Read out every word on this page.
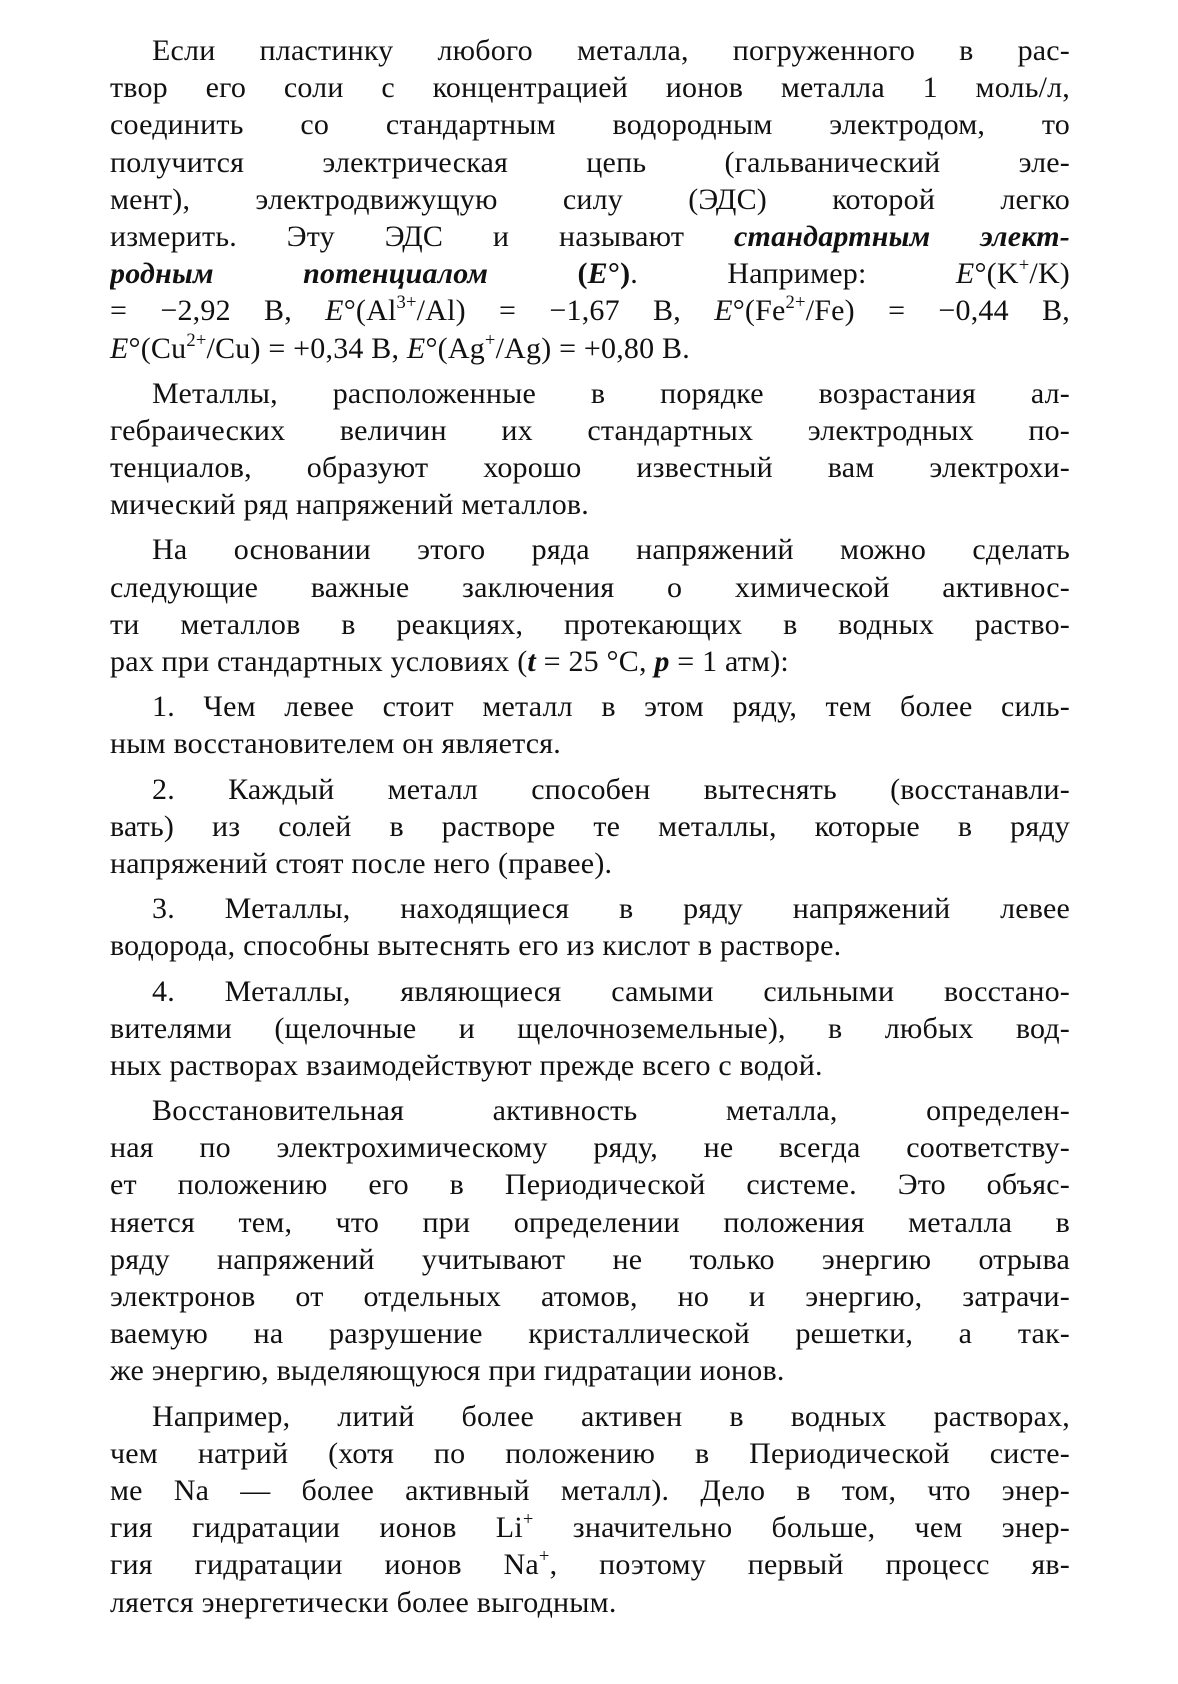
Если пластинку любого металла, погруженного в рас-
твор его соли с концентрацией ионов металла 1 моль/л,
соединить со стандартным водородным электродом, то
получится электрическая цепь (гальванический эле-
мент), электродвижущую силу (ЭДС) которой легко
измерить. Эту ЭДС и называют стандартным элект-
родным потенциалом (E°). Например: E°(K+/K)
= −2,92 В, $E^\circ(Al^{3+}/Al) = -1,67$ В, $E^\circ(Fe^{2+}/Fe) = -0,44$ В,
$E^\circ(Cu^{2+}/Cu) = +0,34$ В, E°(Ag+/Ag) = +0,80 В.
Металлы, расположенные в порядке возрастания ал-
гебраических величин их стандартных электродных по-
тенциалов, образуют хорошо известный вам электрохи-
мический ряд напряжений металлов.
На основании этого ряда напряжений можно сделать
следующие важные заключения о химической активнос-
ти металлов в реакциях, протекающих в водных раство-
рах при стандартных условиях (t = 25 °С, p = 1 атм):
1. Чем левее стоит металл в этом ряду, тем более силь-
ным восстановителем он является.
2. Каждый металл способен вытеснять (восстанавли-
вать) из солей в растворе те металлы, которые в ряду
напряжений стоят после него (правее).
3. Металлы, находящиеся в ряду напряжений левее
водорода, способны вытеснять его из кислот в растворе.
4. Металлы, являющиеся самыми сильными восстано-
вителями (щелочные и щелочноземельные), в любых вод-
ных растворах взаимодействуют прежде всего с водой.
Восстановительная активность металла, определен-
ная по электрохимическому ряду, не всегда соответству-
ет положению его в Периодической системе. Это объяс-
няется тем, что при определении положения металла в
ряду напряжений учитывают не только энергию отрыва
электронов от отдельных атомов, но и энергию, затрачи-
ваемую на разрушение кристаллической решетки, а так-
же энергию, выделяющуюся при гидратации ионов.
Например, литий более активен в водных растворах,
чем натрий (хотя по положению в Периодической систе-
ме Na — более активный металл). Дело в том, что энер-
гия гидратации ионов Li+ значительно больше, чем энер-
гия гидратации ионов Na+, поэтому первый процесс яв-
ляется энергетически более выгодным.
